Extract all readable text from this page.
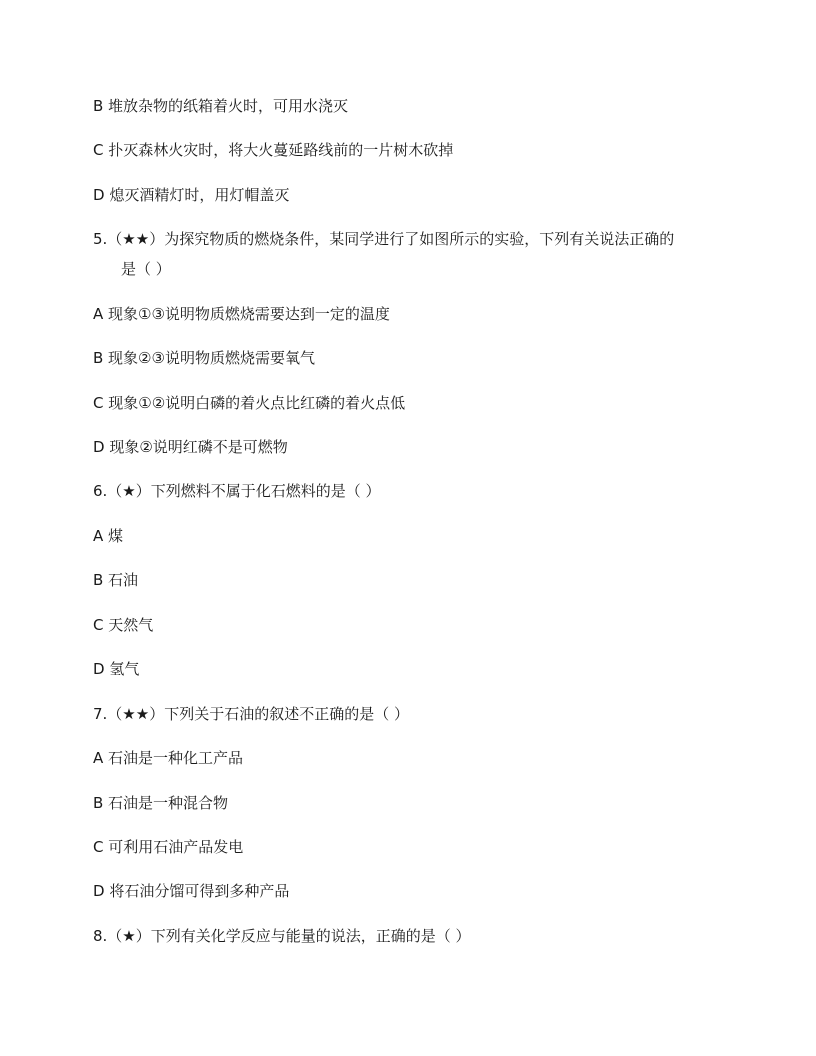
B 堆放杂物的纸箱着火时，可用水浇灭
C 扑灭森林火灾时，将大火蔓延路线前的一片树木砍掉
D 熄灭酒精灯时，用灯帽盖灭
5.（★★）为探究物质的燃烧条件，某同学进行了如图所示的实验，下列有关说法正确的
是（ ）
A 现象①③说明物质燃烧需要达到一定的温度
B 现象②③说明物质燃烧需要氧气
C 现象①②说明白磷的着火点比红磷的着火点低
D 现象②说明红磷不是可燃物
6.（★）下列燃料不属于化石燃料的是（ ）
A 煤
B 石油
C 天然气
D 氢气
7.（★★）下列关于石油的叙述不正确的是（ ）
A 石油是一种化工产品
B 石油是一种混合物
C 可利用石油产品发电
D 将石油分馏可得到多种产品
8.（★）下列有关化学反应与能量的说法，正确的是（ ）
